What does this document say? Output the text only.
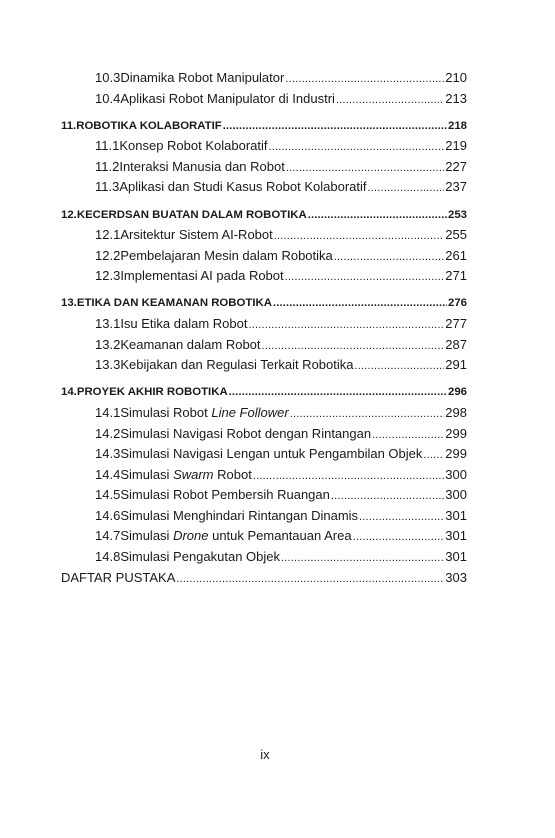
10.3 Dinamika Robot Manipulator .....	210
10.4 Aplikasi Robot Manipulator di Industri .....	213
11. ROBOTIKA KOLABORATIF .....	218
11.1 Konsep Robot Kolaboratif .....	219
11.2 Interaksi Manusia dan Robot .....	227
11.3 Aplikasi dan Studi Kasus Robot Kolaboratif .....	237
12. KECERDSAN BUATAN DALAM ROBOTIKA .....	253
12.1 Arsitektur Sistem AI-Robot .....	255
12.2 Pembelajaran Mesin dalam Robotika .....	261
12.3 Implementasi AI pada Robot .....	271
13. ETIKA DAN KEAMANAN ROBOTIKA .....	276
13.1 Isu Etika dalam Robot .....	277
13.2 Keamanan dalam Robot .....	287
13.3 Kebijakan dan Regulasi Terkait Robotika .....	291
14. PROYEK AKHIR ROBOTIKA .....	296
14.1 Simulasi Robot Line Follower .....	298
14.2 Simulasi Navigasi Robot dengan Rintangan .....	299
14.3 Simulasi Navigasi Lengan untuk Pengambilan Objek ..... 299
14.4 Simulasi Swarm Robot .....	300
14.5 Simulasi Robot Pembersih Ruangan .....	300
14.6 Simulasi Menghindari Rintangan Dinamis .....	301
14.7 Simulasi Drone untuk Pemantauan Area .....	301
14.8 Simulasi Pengakutan Objek .....	301
DAFTAR PUSTAKA .....	303
ix
